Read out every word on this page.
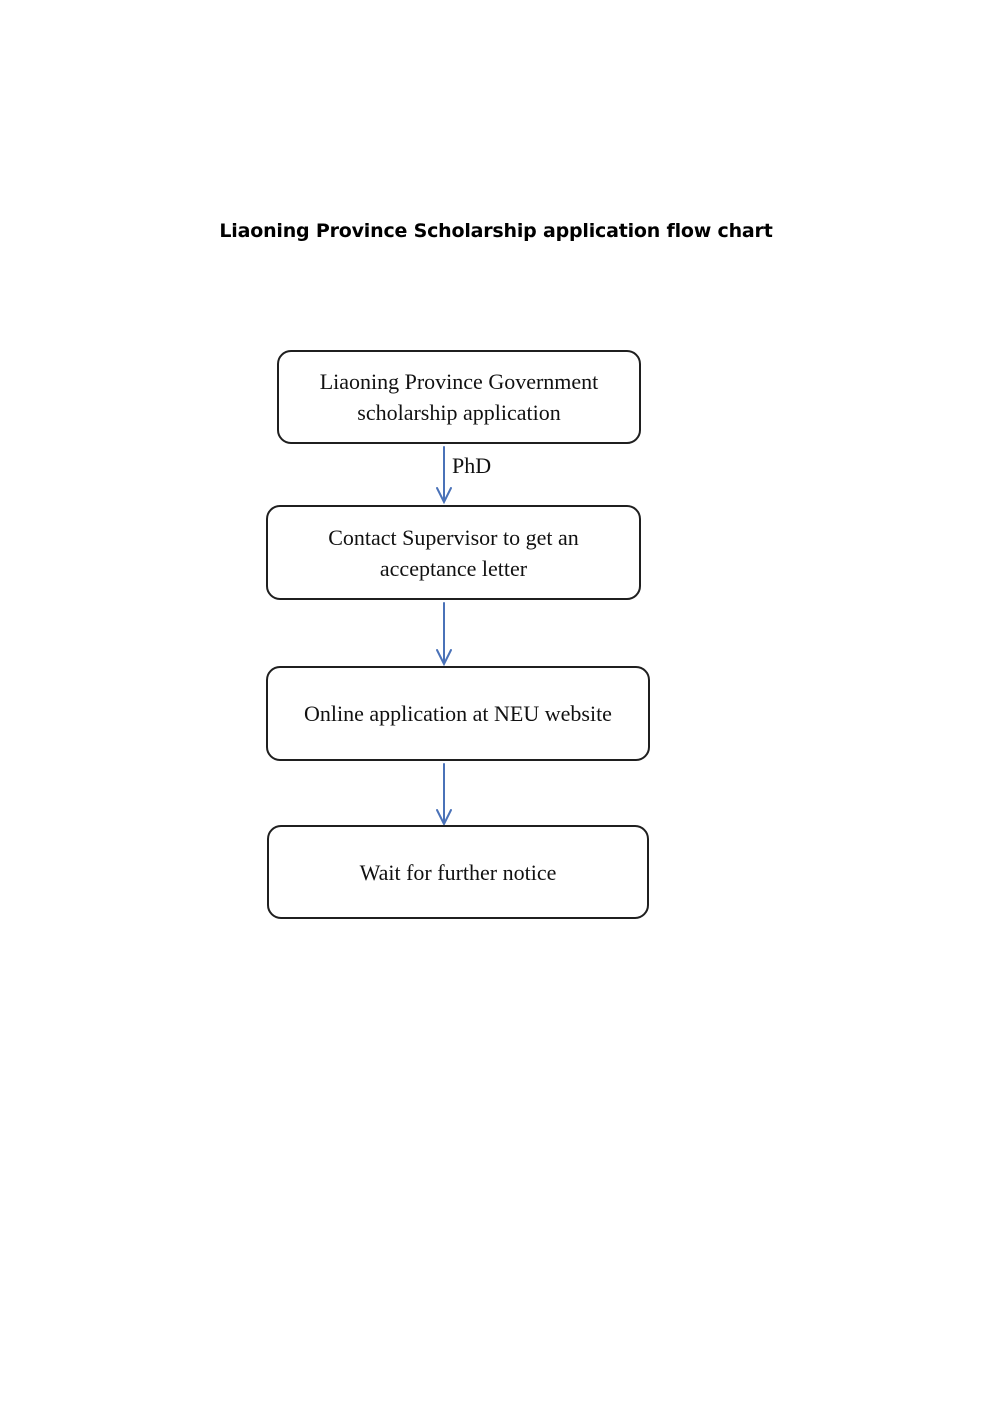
Liaoning Province Scholarship application flow chart
Liaoning Province Government scholarship application
PhD
Contact Supervisor to get an acceptance letter
Online application at NEU website
Wait for further notice
